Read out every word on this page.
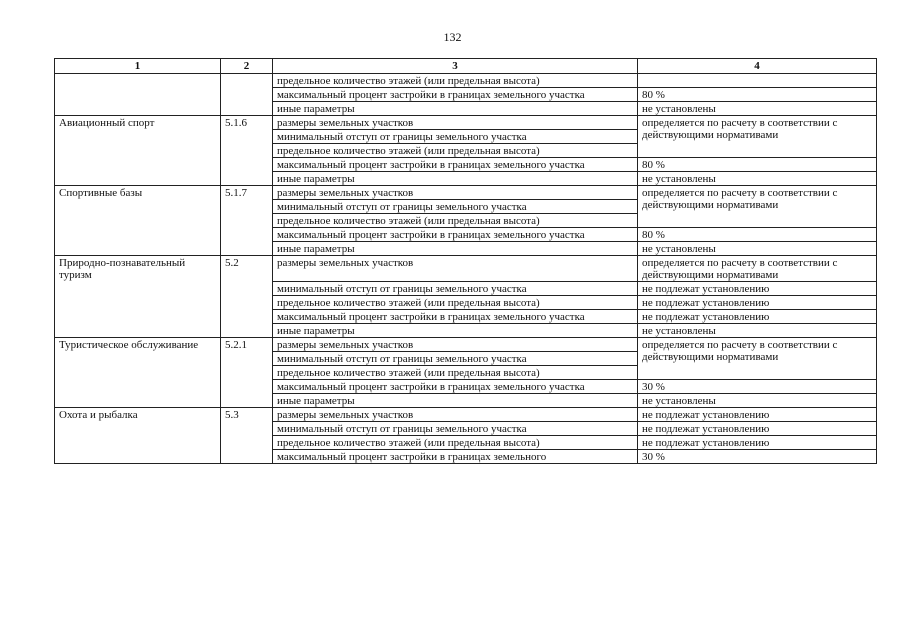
132
1	2	3	4
		предельное количество этажей (или предельная высота)	
		максимальный процент застройки в границах земельного участка	80 %
		иные параметры	не установлены
Авиационный спорт	5.1.6	размеры земельных участков	определяется по расчету в соответствии с действующими нормативами
		минимальный отступ от границы земельного участка	
		предельное количество этажей (или предельная высота)	
		максимальный процент застройки в границах земельного участка	80 %
		иные параметры	не установлены
Спортивные базы	5.1.7	размеры земельных участков	определяется по расчету в соответствии с действующими нормативами
		минимальный отступ от границы земельного участка	
		предельное количество этажей (или предельная высота)	
		максимальный процент застройки в границах земельного участка	80 %
		иные параметры	не установлены
Природно-познавательный туризм	5.2	размеры земельных участков	определяется по расчету в соответствии с действующими нормативами
		минимальный отступ от границы земельного участка	не подлежат установлению
		предельное количество этажей (или предельная высота)	не подлежат установлению
		максимальный процент застройки в границах земельного участка	не подлежат установлению
		иные параметры	не установлены
Туристическое обслуживание	5.2.1	размеры земельных участков	определяется по расчету в соответствии с действующими нормативами
		минимальный отступ от границы земельного участка	
		предельное количество этажей (или предельная высота)	
		максимальный процент застройки в границах земельного участка	30 %
		иные параметры	не установлены
Охота и рыбалка	5.3	размеры земельных участков	не подлежат установлению
		минимальный отступ от границы земельного участка	не подлежат установлению
		предельное количество этажей (или предельная высота)	не подлежат установлению
		максимальный процент застройки в границах земельного	30 %
